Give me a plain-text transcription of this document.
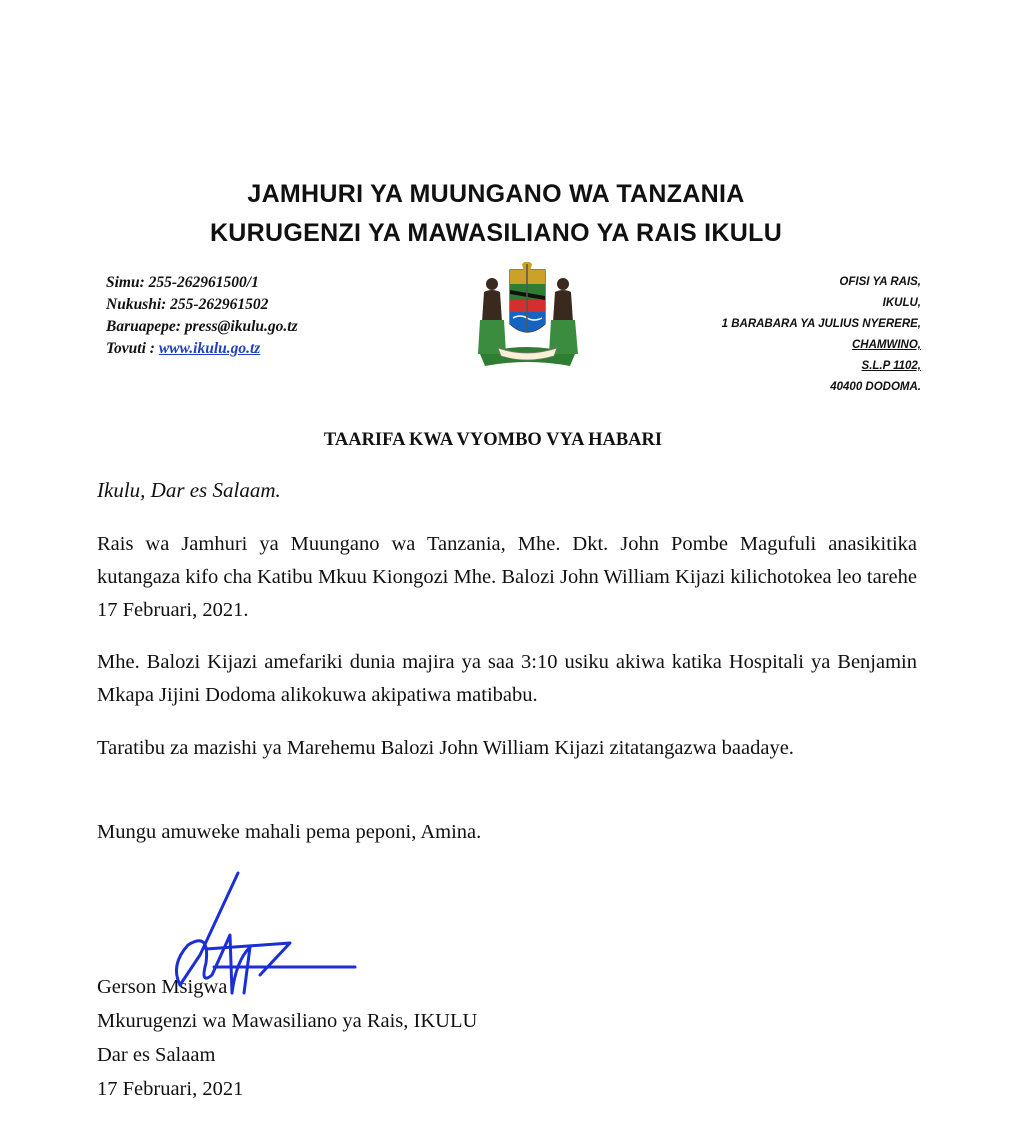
JAMHURI YA MUUNGANO WA TANZANIA
KURUGENZI YA MAWASILIANO YA RAIS IKULU
Simu: 255-262961500/1
Nukushi: 255-262961502
Baruapepe: press@ikulu.go.tz
Tovuti : www.ikulu.go.tz
OFISI YA RAIS,
IKULU,
1 BARABARA YA JULIUS NYERERE,
CHAMWINO,
S.L.P 1102,
40400 DODOMA.
TAARIFA KWA VYOMBO VYA HABARI
Ikulu, Dar es Salaam.

Rais wa Jamhuri ya Muungano wa Tanzania, Mhe. Dkt. John Pombe Magufuli anasikitika kutangaza kifo cha Katibu Mkuu Kiongozi Mhe. Balozi John William Kijazi kilichotokea leo tarehe 17 Februari, 2021.

Mhe. Balozi Kijazi amefariki dunia majira ya saa 3:10 usiku akiwa katika Hospitali ya Benjamin Mkapa Jijini Dodoma alikokuwa akipatiwa matibabu.

Taratibu za mazishi ya Marehemu Balozi John William Kijazi zitatangazwa baadaye.

Mungu amuweke mahali pema peponi, Amina.

Gerson Msigwa
Mkurugenzi wa Mawasiliano ya Rais, IKULU
Dar es Salaam
17 Februari, 2021
